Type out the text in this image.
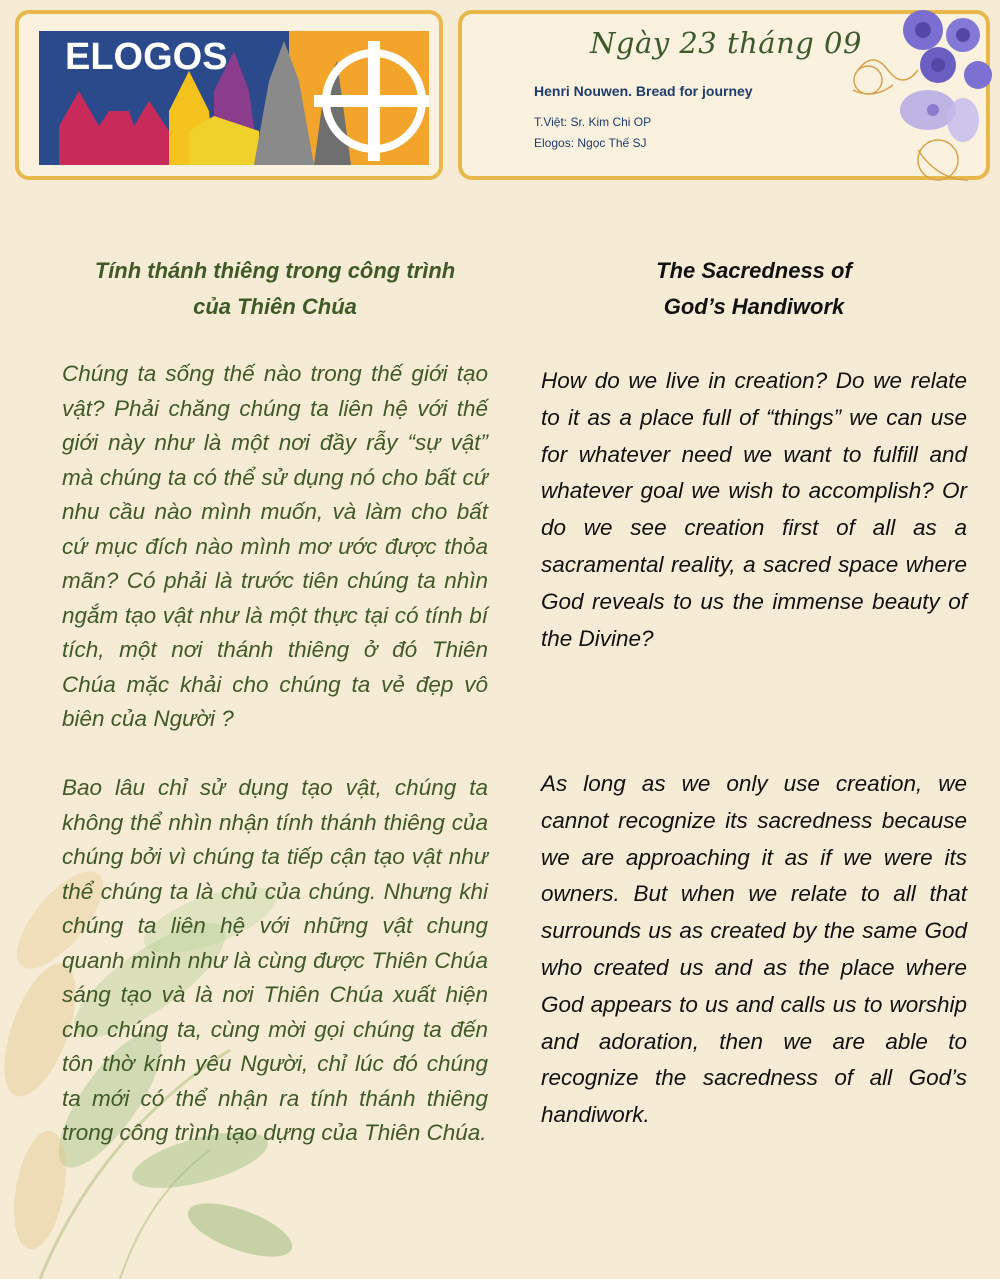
ELOGOS	Ngày 23 tháng 09
Henri Nouwen. Bread for journey
T.Việt: Sr. Kim Chi OP
Elogos: Ngọc Thế SJ
Tính thánh thiêng trong công trình
của Thiên Chúa

Chúng ta sống thế nào trong thế giới tạo vật? Phải chăng chúng ta liên hệ với thế giới này như là một nơi đầy rẫy “sự vật” mà chúng ta có thể sử dụng nó cho bất cứ nhu cầu nào mình muốn, và làm cho bất cứ mục đích nào mình mơ ước được thỏa mãn? Có phải là trước tiên chúng ta nhìn ngắm tạo vật như là một thực tại có tính bí tích, một nơi thánh thiêng ở đó Thiên Chúa mặc khải cho chúng ta vẻ đẹp vô biên của Người ?

Bao lâu chỉ sử dụng tạo vật, chúng ta không thể nhìn nhận tính thánh thiêng của chúng bởi vì chúng ta tiếp cận tạo vật như thể chúng ta là chủ của chúng. Nhưng khi chúng ta liên hệ với những vật chung quanh mình như là cùng được Thiên Chúa sáng tạo và là nơi Thiên Chúa xuất hiện cho chúng ta, cùng mời gọi chúng ta đến tôn thờ kính yêu Người, chỉ lúc đó chúng ta mới có thể nhận ra tính thánh thiêng trong công trình tạo dựng của Thiên Chúa.

The Sacredness of
God’s Handiwork

How do we live in creation? Do we relate to it as a place full of “things” we can use for whatever need we want to fulfill and whatever goal we wish to accomplish? Or do we see creation first of all as a sacramental reality, a sacred space where God reveals to us the immense beauty of the Divine?

As long as we only use creation, we cannot recognize its sacredness because we are approaching it as if we were its owners. But when we relate to all that surrounds us as created by the same God who created us and as the place where God appears to us and calls us to worship and adoration, then we are able to recognize the sacredness of all God’s handiwork.
